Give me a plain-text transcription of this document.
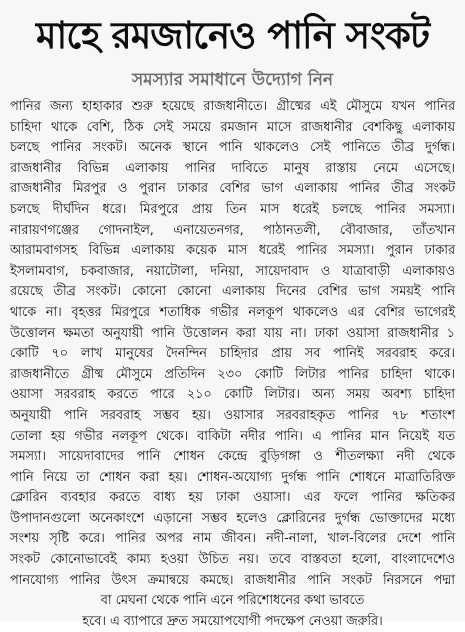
মাহে রমজানেও পানি সংকট
সমস্যার সমাধানে উদ্যোগ নিন
পানির জন্য হাহাকার শুরু হয়েছে রাজধানীতে। গ্রীষ্মের এই মৌসুমে যখন পানির
চাহিদা থাকে বেশি, ঠিক সেই সময়ে রমজান মাসে রাজধানীর বেশকিছু এলাকায়
চলছে পানির সংকট। অনেক স্থানে পানি থাকলেও সেই পানিতে তীব্র দুর্গন্ধ।
রাজধানীর বিভিন্ন এলাকায় পানির দাবিতে মানুষ রাস্তায় নেমে এসেছে।
রাজধানীর মিরপুর ও পুরান ঢাকার বেশির ভাগ এলাকায় পানির তীব্র সংকট
চলছে দীর্ঘদিন ধরে। মিরপুরে প্রায় তিন মাস ধরেই চলছে পানির সমস্যা।
নারায়ণগঞ্জের গোদনাইল, এনায়েতনগর, পাঠানতলী, বৌবাজার, তাঁতখান
আরামবাগসহ বিভিন্ন এলাকায় কয়েক মাস ধরেই পানির সমস্যা। পুরান ঢাকার
ইসলামবাগ, চকবাজার, নয়াটোলা, দনিয়া, সায়েদাবাদ ও যাত্রাবাড়ী এলাকায়ও
রয়েছে তীব্র সংকট। কোনো কোনো এলাকায় দিনের বেশির ভাগ সময়ই পানি
থাকে না। বৃহত্তর মিরপুরে শতাধিক গভীর নলকূপ থাকলেও এর বেশির ভাগেরই
উত্তোলন ক্ষমতা অনুযায়ী পানি উত্তোলন করা যায় না। ঢাকা ওয়াসা রাজধানীর ১
কোটি ৭০ লাখ মানুষের দৈনন্দিন চাহিদার প্রায় সব পানিই সরবরাহ করে।
রাজধানীতে গ্রীষ্ম মৌসুমে প্রতিদিন ২৩০ কোটি লিটার পানির চাহিদা থাকে।
ওয়াসা সরবরাহ করতে পারে ২১০ কোটি লিটার। অন্য সময় অবশ্য চাহিদা
অনুযায়ী পানি সরবরাহ সম্ভব হয়। ওয়াসার সরবরাহকৃত পানির ৭৮ শতাংশ
তোলা হয় গভীর নলকূপ থেকে। বাকিটা নদীর পানি। এ পানির মান নিয়েই যত
সমস্যা। সায়েদাবাদের পানি শোধন কেন্দ্রে বুড়িগঙ্গা ও শীতলক্ষ্যা নদী থেকে
পানি নিয়ে তা শোধন করা হয়। শোধন-অযোগ্য দুর্গন্ধ পানি শোধনে মাত্রাতিরিক্ত
ক্লোরিন ব্যবহার করতে বাধ্য হয় ঢাকা ওয়াসা। এর ফলে পানির ক্ষতিকর
উপাদানগুলো অনেকাংশে এড়ানো সম্ভব হলেও ক্লোরিনের দুর্গন্ধ ভোক্তাদের মধ্যে
সংশয় সৃষ্টি করে। পানির অপর নাম জীবন। নদী-নালা, খাল-বিলের দেশে পানি
সংকট কোনোভাবেই কাম্য হওয়া উচিত নয়। তবে বাস্তবতা হলো, বাংলাদেশেও
পানযোগ্য পানির উৎস ক্রমান্বয়ে কমছে। রাজধানীর পানি সংকট নিরসনে পদ্মা
বা মেঘনা থেকে পানি এনে পরিশোধনের কথা ভাবতে
হবে। এ ব্যাপারে দ্রুত সময়োপযোগী পদক্ষেপ নেওয়া জরুরি।
